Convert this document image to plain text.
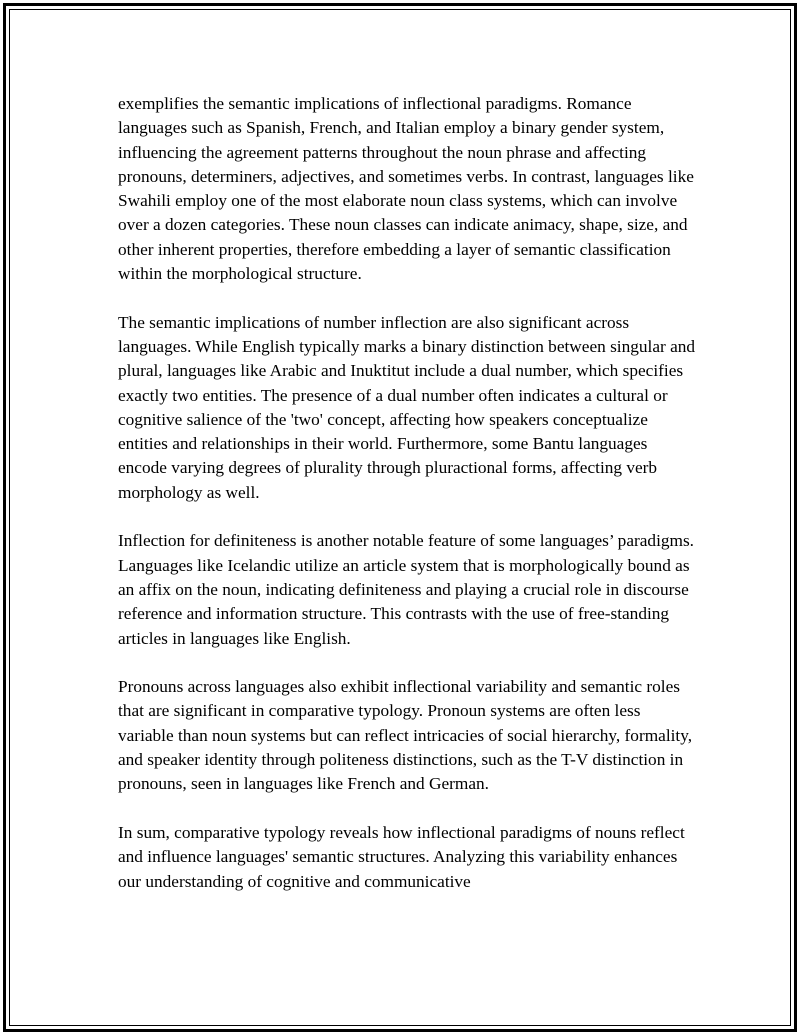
exemplifies the semantic implications of inflectional paradigms. Romance languages such as Spanish, French, and Italian employ a binary gender system, influencing the agreement patterns throughout the noun phrase and affecting pronouns, determiners, adjectives, and sometimes verbs. In contrast, languages like Swahili employ one of the most elaborate noun class systems, which can involve over a dozen categories. These noun classes can indicate animacy, shape, size, and other inherent properties, therefore embedding a layer of semantic classification within the morphological structure.

The semantic implications of number inflection are also significant across languages. While English typically marks a binary distinction between singular and plural, languages like Arabic and Inuktitut include a dual number, which specifies exactly two entities. The presence of a dual number often indicates a cultural or cognitive salience of the 'two' concept, affecting how speakers conceptualize entities and relationships in their world. Furthermore, some Bantu languages encode varying degrees of plurality through pluractional forms, affecting verb morphology as well.

Inflection for definiteness is another notable feature of some languages’ paradigms. Languages like Icelandic utilize an article system that is morphologically bound as an affix on the noun, indicating definiteness and playing a crucial role in discourse reference and information structure. This contrasts with the use of free-standing articles in languages like English.

Pronouns across languages also exhibit inflectional variability and semantic roles that are significant in comparative typology. Pronoun systems are often less variable than noun systems but can reflect intricacies of social hierarchy, formality, and speaker identity through politeness distinctions, such as the T-V distinction in pronouns, seen in languages like French and German.

In sum, comparative typology reveals how inflectional paradigms of nouns reflect and influence languages' semantic structures. Analyzing this variability enhances our understanding of cognitive and communicative
